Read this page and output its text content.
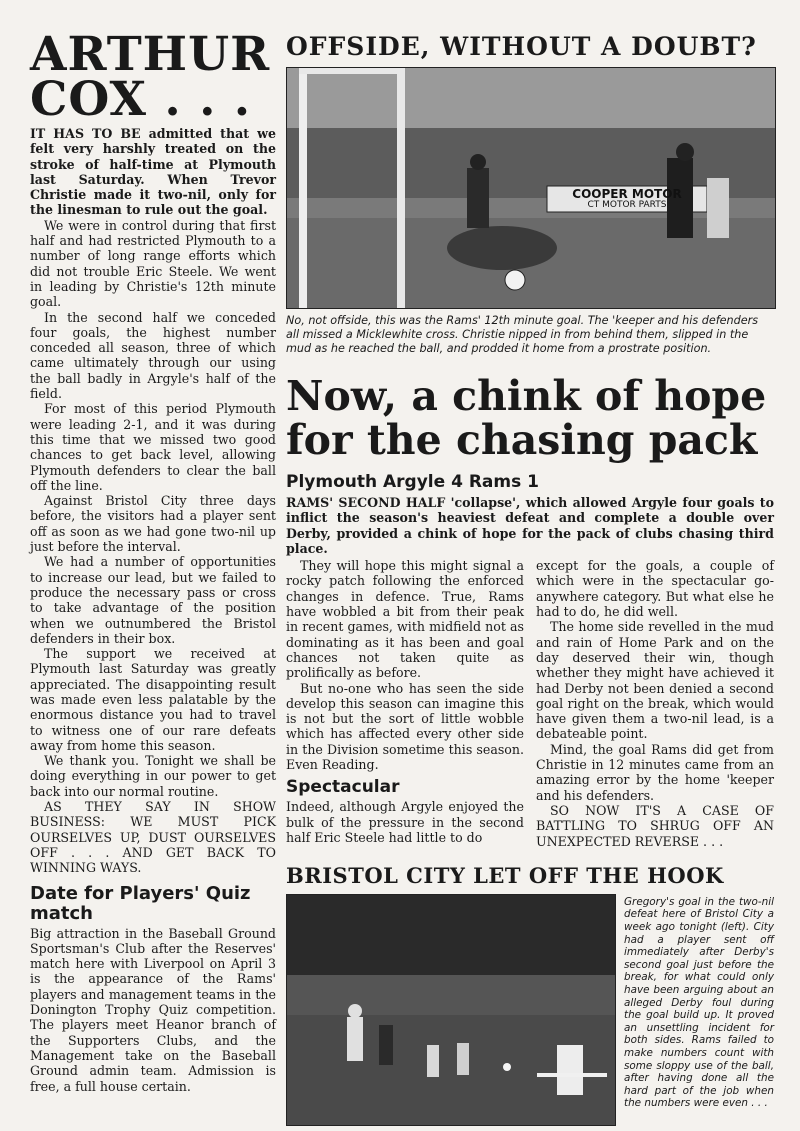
ARTHUR
COX . . .

IT HAS TO BE admitted that we felt very harshly treated on the stroke of half-time at Plymouth last Saturday. When Trevor Christie made it two-nil, only for the linesman to rule out the goal.

We were in control during that first half and had restricted Plymouth to a number of long range efforts which did not trouble Eric Steele. We went in leading by Christie's 12th minute goal.

In the second half we conceded four goals, the highest number conceded all season, three of which came ultimately through our using the ball badly in Argyle's half of the field.

For most of this period Plymouth were leading 2-1, and it was during this time that we missed two good chances to get back level, allowing Plymouth defenders to clear the ball off the line.

Against Bristol City three days before, the visitors had a player sent off as soon as we had gone two-nil up just before the interval.

We had a number of opportunities to increase our lead, but we failed to produce the necessary pass or cross to take advantage of the position when we outnumbered the Bristol defenders in their box.

The support we received at Plymouth last Saturday was greatly appreciated. The disappointing result was made even less palatable by the enormous distance you had to travel to witness one of our rare defeats away from home this season.

We thank you. Tonight we shall be doing everything in our power to get back into our normal routine.

AS THEY SAY IN SHOW BUSINESS: WE MUST PICK OURSELVES UP, DUST OURSELVES OFF . . . AND GET BACK TO WINNING WAYS.

Date for Players' Quiz match

Big attraction in the Baseball Ground Sportsman's Club after the Reserves' match here with Liverpool on April 3 is the appearance of the Rams' players and management teams in the Donington Trophy Quiz competition. The players meet Heanor branch of the Supporters Clubs, and the Management take on the Baseball Ground admin team. Admission is free, a full house certain.

OFFSIDE, WITHOUT A DOUBT?
COOPER MOTOR
CT MOTOR PARTS

No, not offside, this was the Rams' 12th minute goal. The 'keeper and his defenders all missed a Micklewhite cross. Christie nipped in from behind them, slipped in the mud as he reached the ball, and prodded it home from a prostrate position.

Now, a chink of hope for the chasing pack
Plymouth Argyle 4 Rams 1

RAMS' SECOND HALF 'collapse', which allowed Argyle four goals to inflict the season's heaviest defeat and complete a double over Derby, provided a chink of hope for the pack of clubs chasing third place.

They will hope this might signal a rocky patch following the enforced changes in defence. True, Rams have wobbled a bit from their peak in recent games, with midfield not as dominating as it has been and goal chances not taken quite as prolifically as before.

But no-one who has seen the side develop this season can imagine this is not but the sort of little wobble which has affected every other side in the Division sometime this season. Even Reading.

Spectacular

Indeed, although Argyle enjoyed the bulk of the pressure in the second half Eric Steele had little to do

except for the goals, a couple of which were in the spectacular go-anywhere category. But what else he had to do, he did well.

The home side revelled in the mud and rain of Home Park and on the day deserved their win, though whether they might have achieved it had Derby not been denied a second goal right on the break, which would have given them a two-nil lead, is a debateable point.

Mind, the goal Rams did get from Christie in 12 minutes came from an amazing error by the home 'keeper and his defenders.

SO NOW IT'S A CASE OF BATTLING TO SHRUG OFF AN UNEXPECTED REVERSE . . .

BRISTOL CITY LET OFF THE HOOK

Gregory's goal in the two-nil defeat here of Bristol City a week ago tonight (left). City had a player sent off immediately after Derby's second goal just before the break, for what could only have been arguing about an alleged Derby foul during the goal build up. It proved an unsettling incident for both sides. Rams failed to make numbers count with some sloppy use of the ball, after having done all the hard part of the job when the numbers were even . . .
